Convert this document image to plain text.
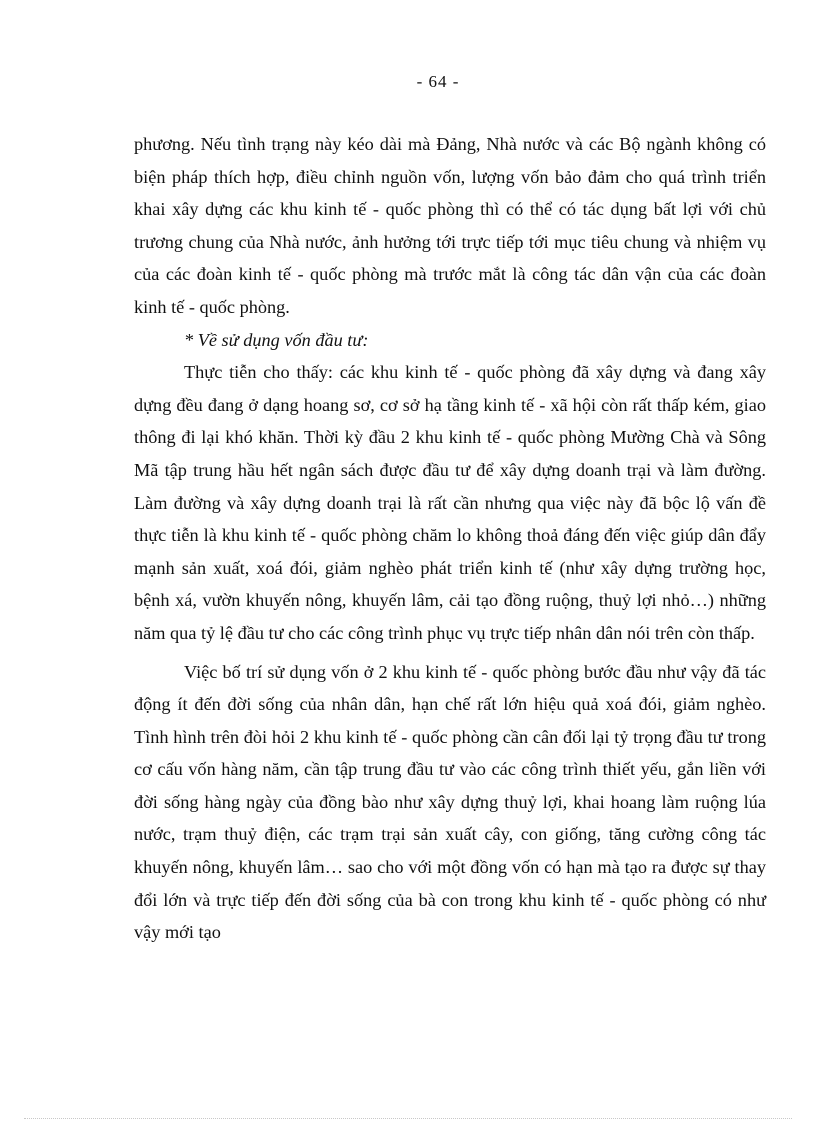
- 64 -

phương. Nếu tình trạng này kéo dài mà Đảng, Nhà nước và các Bộ ngành không có biện pháp thích hợp, điều chỉnh nguồn vốn, lượng vốn bảo đảm cho quá trình triển khai xây dựng các khu kinh tế - quốc phòng thì có thể có tác dụng bất lợi với chủ trương chung của Nhà nước, ảnh hưởng tới trực tiếp tới mục tiêu chung và nhiệm vụ của các đoàn kinh tế - quốc phòng mà trước mắt là công tác dân vận của các đoàn kinh tế - quốc phòng.

* Về sử dụng vốn đầu tư:

Thực tiễn cho thấy: các khu kinh tế - quốc phòng đã xây dựng và đang xây dựng đều đang ở dạng hoang sơ, cơ sở hạ tầng kinh tế - xã hội còn rất thấp kém, giao thông đi lại khó khăn. Thời kỳ đầu 2 khu kinh tế - quốc phòng Mường Chà và Sông Mã tập trung hầu hết ngân sách được đầu tư để xây dựng doanh trại và làm đường. Làm đường và xây dựng doanh trại là rất cần nhưng qua việc này đã bộc lộ vấn đề thực tiễn là khu kinh tế - quốc phòng chăm lo không thoả đáng đến việc giúp dân đẩy mạnh sản xuất, xoá đói, giảm nghèo phát triển kinh tế (như xây dựng trường học, bệnh xá, vườn khuyến nông, khuyến lâm, cải tạo đồng ruộng, thuỷ lợi nhỏ…) những năm qua tỷ lệ đầu tư cho các công trình phục vụ trực tiếp nhân dân nói trên còn thấp.

Việc bố trí sử dụng vốn ở 2 khu kinh tế - quốc phòng bước đầu như vậy đã tác động ít đến đời sống của nhân dân, hạn chế rất lớn hiệu quả xoá đói, giảm nghèo. Tình hình trên đòi hỏi 2 khu kinh tế - quốc phòng cần cân đối lại tỷ trọng đầu tư trong cơ cấu vốn hàng năm, cần tập trung đầu tư vào các công trình thiết yếu, gắn liền với đời sống hàng ngày của đồng bào như xây dựng thuỷ lợi, khai hoang làm ruộng lúa nước, trạm thuỷ điện, các trạm trại sản xuất cây, con giống, tăng cường công tác khuyến nông, khuyến lâm… sao cho với một đồng vốn có hạn mà tạo ra được sự thay đổi lớn và trực tiếp đến đời sống của bà con trong khu kinh tế - quốc phòng có như vậy mới tạo
